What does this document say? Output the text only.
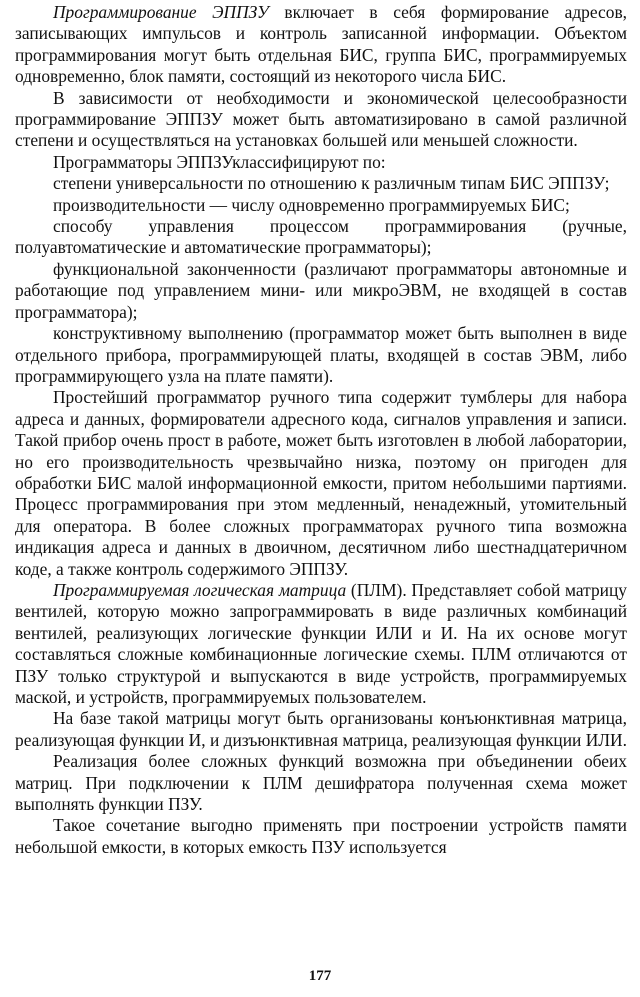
Программирование ЭППЗУ включает в себя формирование адресов, записывающих импульсов и контроль записанной информации. Объектом программирования могут быть отдельная БИС, группа БИС, программируемых одновременно, блок памяти, состоящий из некоторого числа БИС.

В зависимости от необходимости и экономической целесообразности программирование ЭППЗУ может быть автоматизировано в самой различной степени и осуществляться на установках большей или меньшей сложности.

Программаторы ЭППЗУклассифицируют по:

степени универсальности по отношению к различным типам БИС ЭППЗУ;

производительности — числу одновременно программируемых БИС;

способу управления процессом программирования (ручные, полуавтоматические и автоматические программаторы);

функциональной законченности (различают программаторы автономные и работающие под управлением мини- или микроЭВМ, не входящей в состав программатора);

конструктивному выполнению (программатор может быть выполнен в виде отдельного прибора, программирующей платы, входящей в состав ЭВМ, либо программирующего узла на плате памяти).

Простейший программатор ручного типа содержит тумблеры для набора адреса и данных, формирователи адресного кода, сигналов управления и записи. Такой прибор очень прост в работе, может быть изготовлен в любой лаборатории, но его производительность чрезвычайно низка, поэтому он пригоден для обработки БИС малой информационной емкости, притом небольшими партиями. Процесс программирования при этом медленный, ненадежный, утомительный для оператора. В более сложных программаторах ручного типа возможна индикация адреса и данных в двоичном, десятичном либо шестнадцатеричном коде, а также контроль содержимого ЭППЗУ.

Программируемая логическая матрица (ПЛМ). Представляет собой матрицу вентилей, которую можно запрограммировать в виде различных комбинаций вентилей, реализующих логические функции ИЛИ и И. На их основе могут составляться сложные комбинационные логические схемы. ПЛМ отличаются от ПЗУ только структурой и выпускаются в виде устройств, программируемых маской, и устройств, программируемых пользователем.

На базе такой матрицы могут быть организованы конъюнктивная матрица, реализующая функции И, и дизъюнктивная матрица, реализующая функции ИЛИ.

Реализация более сложных функций возможна при объединении обеих матриц. При подключении к ПЛМ дешифратора полученная схема может выполнять функции ПЗУ.

Такое сочетание выгодно применять при построении устройств памяти небольшой емкости, в которых емкость ПЗУ используется

177
